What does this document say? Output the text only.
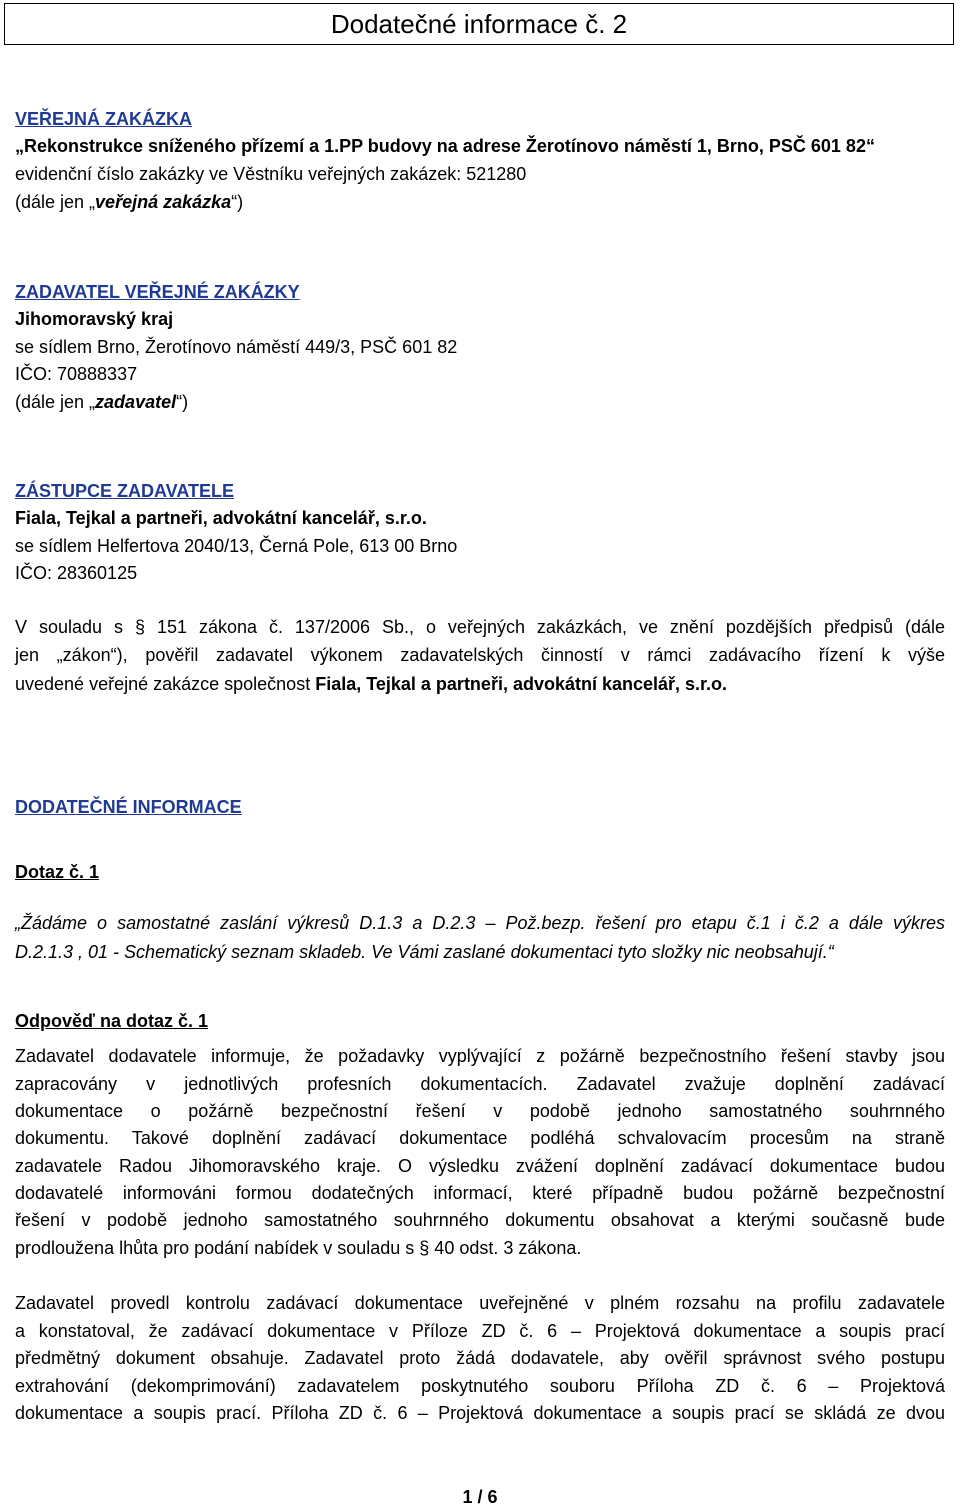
Dodatečné informace č. 2
VEŘEJNÁ ZAKÁZKA
„Rekonstrukce sníženého přízemí a 1.PP budovy na adrese Žerotínovo náměstí 1, Brno, PSČ 601 82“
evidenční číslo zakázky ve Věstníku veřejných zakázek: 521280
(dále jen „veřejná zakázka“)
ZADAVATEL VEŘEJNÉ ZAKÁZKY
Jihomoravský kraj
se sídlem Brno, Žerotínovo náměstí 449/3, PSČ 601 82
IČO: 70888337
(dále jen „zadavatel“)
ZÁSTUPCE ZADAVATELE
Fiala, Tejkal a partneři, advokátní kancelář, s.r.o.
se sídlem Helfertova 2040/13, Černá Pole, 613 00 Brno
IČO: 28360125
V souladu s § 151 zákona č. 137/2006 Sb., o veřejných zakázkách, ve znění pozdějších předpisů (dále
jen „zákon“), pověřil zadavatel výkonem zadavatelských činností v rámci zadávacího řízení k výše
uvedené veřejné zakázce společnost Fiala, Tejkal a partneři, advokátní kancelář, s.r.o.
DODATEČNÉ INFORMACE
Dotaz č. 1
„Žádáme o samostatné zaslání výkresů D.1.3 a D.2.3 – Pož.bezp. řešení pro etapu č.1 i č.2 a dále výkres
D.2.1.3 , 01 - Schematický seznam skladeb. Ve Vámi zaslané dokumentaci tyto složky nic neobsahují.“
Odpověď na dotaz č. 1
Zadavatel dodavatele informuje, že požadavky vyplývající z požárně bezpečnostního řešení stavby jsou
zapracovány v jednotlivých profesních dokumentacích. Zadavatel zvažuje doplnění zadávací
dokumentace o požárně bezpečnostní řešení v podobě jednoho samostatného souhrnného
dokumentu. Takové doplnění zadávací dokumentace podléhá schvalovacím procesům na straně
zadavatele Radou Jihomoravského kraje. O výsledku zvážení doplnění zadávací dokumentace budou
dodavatelé informováni formou dodatečných informací, které případně budou požárně bezpečnostní
řešení v podobě jednoho samostatného souhrnného dokumentu obsahovat a kterými současně bude
prodloužena lhůta pro podání nabídek v souladu s § 40 odst. 3 zákona.
Zadavatel provedl kontrolu zadávací dokumentace uveřejněné v plném rozsahu na profilu zadavatele
a konstatoval, že zadávací dokumentace v Příloze ZD č. 6 – Projektová dokumentace a soupis prací
předmětný dokument obsahuje. Zadavatel proto žádá dodavatele, aby ověřil správnost svého postupu
extrahování (dekomprimování) zadavatelem poskytnutého souboru Příloha ZD č. 6 – Projektová
dokumentace a soupis prací. Příloha ZD č. 6 – Projektová dokumentace a soupis prací se skládá ze dvou
1 / 6
